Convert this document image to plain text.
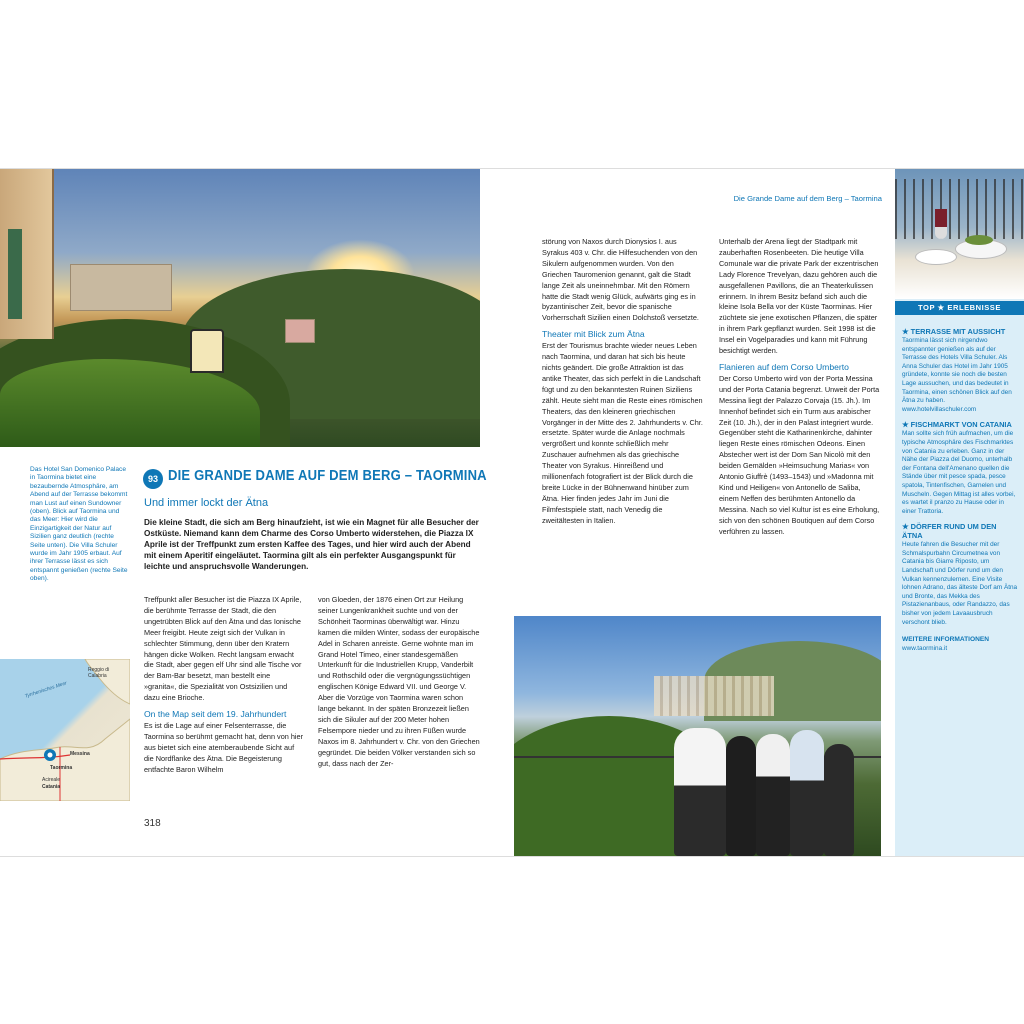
Das Hotel San Domenico Palace in Taormina bietet eine bezaubernde Atmosphäre, am Abend auf der Terrasse bekommt man Lust auf einen Sundowner (oben). Blick auf Taormina und das Meer: Hier wird die Einzigartigkeit der Natur auf Sizilien ganz deutlich (rechte Seite unten). Die Villa Schuler wurde im Jahr 1905 erbaut. Auf ihrer Terrasse lässt es sich entspannt genießen (rechte Seite oben).
Tyrrhenisches Meer
Messina
Taormina
Catania
Acireale
Reggio di Calabria
93 DIE GRANDE DAME AUF DEM BERG – TAORMINA
Und immer lockt der Ätna
Die kleine Stadt, die sich am Berg hinaufzieht, ist wie ein Magnet für alle Besucher der Ostküste. Niemand kann dem Charme des Corso Umberto widerstehen, die Piazza IX Aprile ist der Treffpunkt zum ersten Kaffee des Tages, und hier wird auch der Abend mit einem Aperitif eingeläutet. Taormina gilt als ein perfekter Ausgangspunkt für leichte und anspruchsvolle Wanderungen.

Treffpunkt aller Besucher ist die Piazza IX Aprile, die berühmte Terrasse der Stadt, die den ungetrübten Blick auf den Ätna und das Ionische Meer freigibt. Heute zeigt sich der Vulkan in schlechter Stimmung, denn über den Kratern hängen dicke Wolken. Recht langsam erwacht die Stadt, aber gegen elf Uhr sind alle Tische vor der Bam-Bar besetzt, man bestellt eine »granita«, die Spezialität von Ostsizilien und dazu eine Brioche.

On the Map seit dem 19. Jahrhundert

Es ist die Lage auf einer Felsenterrasse, die Taormina so berühmt gemacht hat, denn von hier aus bietet sich eine atemberaubende Sicht auf die Nordflanke des Ätna. Die Begeisterung entfachte Baron Wilhelm

von Gloeden, der 1876 einen Ort zur Heilung seiner Lungenkrankheit suchte und von der Schönheit Taorminas überwältigt war. Hinzu kamen die milden Winter, sodass der europäische Adel in Scharen anreiste. Gerne wohnte man im Grand Hotel Timeo, einer standesgemäßen Unterkunft für die Industriellen Krupp, Vanderbilt und Rothschild oder die vergnügungssüchtigen englischen Könige Edward VII. und George V.

Aber die Vorzüge von Taormina waren schon lange bekannt. In der späten Bronzezeit ließen sich die Sikuler auf der 200 Meter hohen Felsempore nieder und zu ihren Füßen wurde Naxos im 8. Jahrhundert v. Chr. von den Griechen gegründet. Die beiden Völker verstanden sich so gut, dass nach der Zer-

318
Die Grande Dame auf dem Berg – Taormina

störung von Naxos durch Dionysios I. aus Syrakus 403 v. Chr. die Hilfesuchenden von den Sikulern aufgenommen wurden. Von den Griechen Tauromenion genannt, galt die Stadt lange Zeit als uneinnehmbar. Mit den Römern hatte die Stadt wenig Glück, aufwärts ging es in byzantinischer Zeit, bevor die spanische Vorherrschaft Sizilien einen Dolchstoß versetzte.

Theater mit Blick zum Ätna

Erst der Tourismus brachte wieder neues Leben nach Taormina, und daran hat sich bis heute nichts geändert. Die große Attraktion ist das antike Theater, das sich perfekt in die Landschaft fügt und zu den bekanntesten Ruinen Siziliens zählt. Heute sieht man die Reste eines römischen Theaters, das den kleineren griechischen Vorgänger in der Mitte des 2. Jahrhunderts v. Chr. ersetzte. Später wurde die Anlage nochmals vergrößert und konnte schließlich mehr Zuschauer aufnehmen als das griechische Theater von Syrakus. Hinreißend und millionenfach fotografiert ist der Blick durch die breite Lücke in der Bühnenwand hinüber zum Ätna. Hier finden jedes Jahr im Juni die Filmfestspiele statt, nach Venedig die zweitältesten in Italien.

Unterhalb der Arena liegt der Stadtpark mit zauberhaften Rosenbeeten. Die heutige Villa Comunale war die private Park der exzentrischen Lady Florence Trevelyan, dazu gehören auch die ausgefallenen Pavillons, die an Theaterkulissen erinnern. In ihrem Besitz befand sich auch die kleine Isola Bella vor der Küste Taorminas. Hier züchtete sie jene exotischen Pflanzen, die später in ihrem Park gepflanzt wurden. Seit 1998 ist die Insel ein Vogelparadies und kann mit Führung besichtigt werden.

Flanieren auf dem Corso Umberto

Der Corso Umberto wird von der Porta Messina und der Porta Catania begrenzt. Unweit der Porta Messina liegt der Palazzo Corvaja (15. Jh.). Im Innenhof befindet sich ein Turm aus arabischer Zeit (10. Jh.), der in den Palast integriert wurde. Gegenüber steht die Katharinenkirche, dahinter liegen Reste eines römischen Odeons. Einen Abstecher wert ist der Dom San Nicolò mit den beiden Gemälden »Heimsuchung Marias« von Antonio Giuffrè (1493–1543) und »Madonna mit Kind und Heiligen« von Antonello de Saliba, einem Neffen des berühmten Antonello da Messina. Nach so viel Kultur ist es eine Erholung, sich von den schönen Boutiquen auf dem Corso verführen zu lassen.

TOP ★ ERLEBNISSE
★ TERRASSE MIT AUSSICHT

Taormina lässt sich nirgendwo entspannter genießen als auf der Terrasse des Hotels Villa Schuler. Als Anna Schuler das Hotel im Jahr 1905 gründete, konnte sie noch die besten Lage aussuchen, und das bedeutet in Taormina, einen schönen Blick auf den Ätna zu haben.

www.hotelvillaschuler.com

★ FISCHMARKT VON CATANIA

Man sollte sich früh aufmachen, um die typische Atmosphäre des Fischmarktes von Catania zu erleben. Ganz in der Nähe der Piazza del Duomo, unterhalb der Fontana dell'Amenano quellen die Stände über mit pesce spada, pesce spatola, Tintenfischen, Garnelen und Muscheln. Gegen Mittag ist alles vorbei, es wartet il pranzo zu Hause oder in einer Trattoria.

★ DÖRFER RUND UM DEN ÄTNA

Heute fahren die Besucher mit der Schmalspurbahn Circumetnea von Catania bis Giarre Riposto, um Landschaft und Dörfer rund um den Vulkan kennenzulernen. Eine Visite lohnen Adrano, das älteste Dorf am Ätna und Bronte, das Mekka des Pistazienanbaus, oder Randazzo, das bisher von jedem Lavaausbruch verschont blieb.

WEITERE INFORMATIONEN

www.taormina.it
